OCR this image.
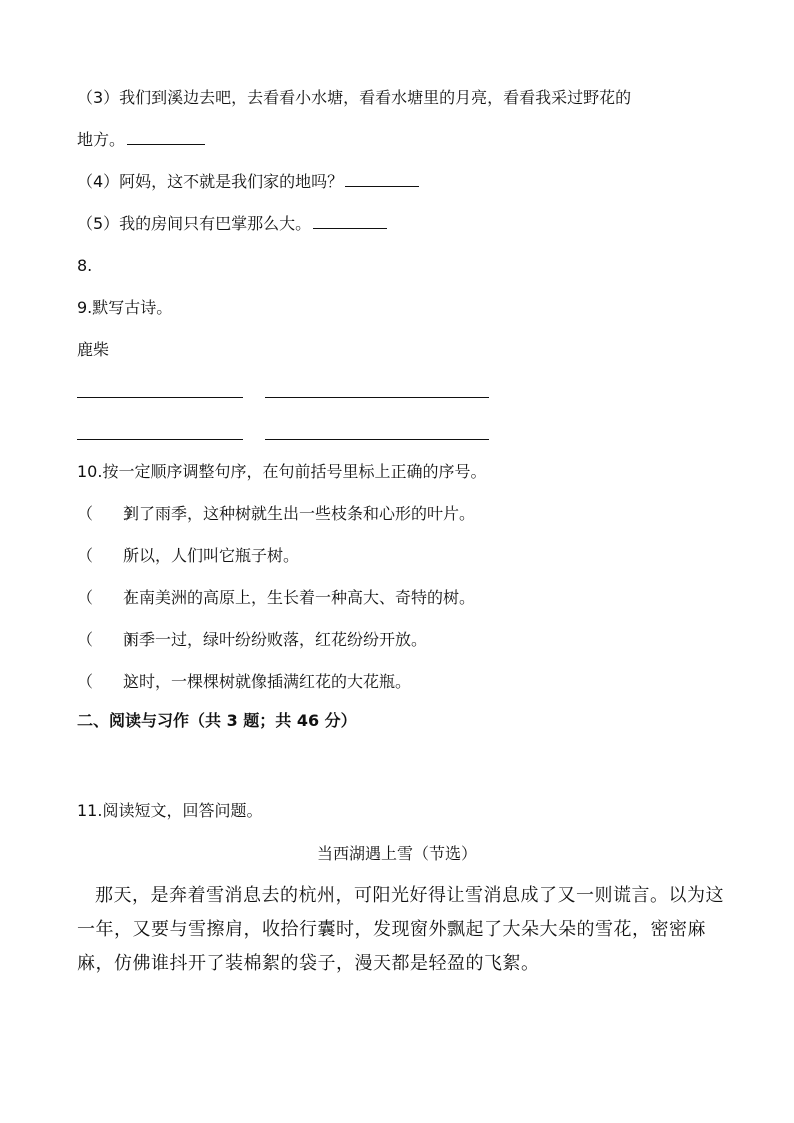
（3）我们到溪边去吧，去看看小水塘，看看水塘里的月亮，看看我采过野花的
地方。
（4）阿妈，这不就是我们家的地吗？
（5）我的房间只有巴掌那么大。
8.
9.默写古诗。
鹿柴
10.按一定顺序调整句序，在句前括号里标上正确的序号。
（　　）到了雨季，这种树就生出一些枝条和心形的叶片。
（　　）所以，人们叫它瓶子树。
（　　）在南美洲的高原上，生长着一种高大、奇特的树。
（　　）雨季一过，绿叶纷纷败落，红花纷纷开放。
（　　）这时，一棵棵树就像插满红花的大花瓶。
二、阅读与习作（共 3 题；共 46 分）
11.阅读短文，回答问题。
当西湖遇上雪（节选）
那天，是奔着雪消息去的杭州，可阳光好得让雪消息成了又一则谎言。以为这一年，又要与雪擦肩，收拾行囊时，发现窗外飘起了大朵大朵的雪花，密密麻麻，仿佛谁抖开了装棉絮的袋子，漫天都是轻盈的飞絮。
